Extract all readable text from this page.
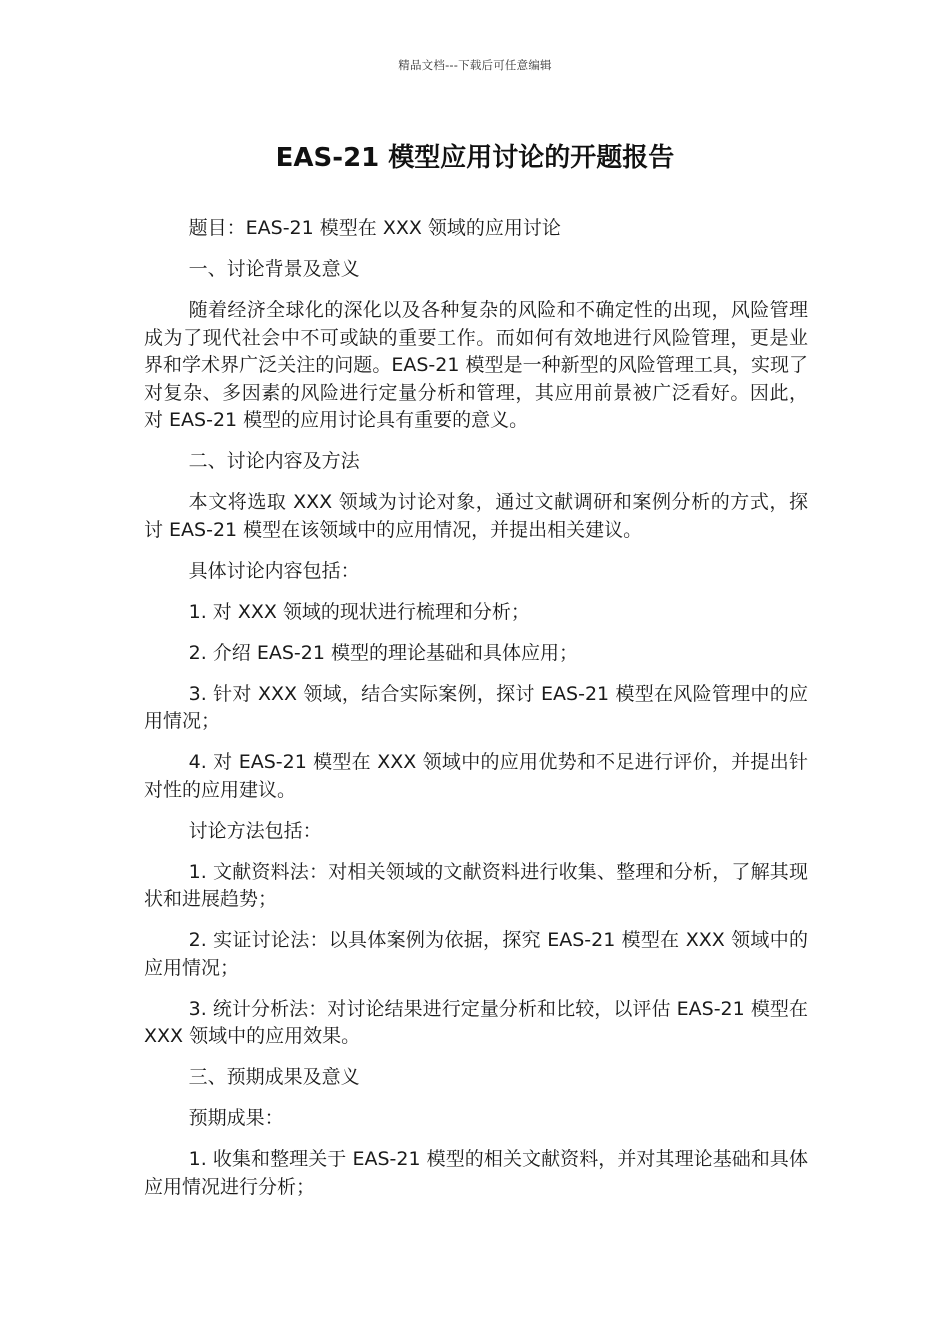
精品文档---下载后可任意编辑
EAS-21 模型应用讨论的开题报告

题目：EAS-21 模型在 XXX 领域的应用讨论

一、讨论背景及意义

随着经济全球化的深化以及各种复杂的风险和不确定性的出现，风险管理成为了现代社会中不可或缺的重要工作。而如何有效地进行风险管理，更是业界和学术界广泛关注的问题。EAS-21 模型是一种新型的风险管理工具，实现了对复杂、多因素的风险进行定量分析和管理，其应用前景被广泛看好。因此，对 EAS-21 模型的应用讨论具有重要的意义。

二、讨论内容及方法

本文将选取 XXX 领域为讨论对象，通过文献调研和案例分析的方式，探讨 EAS-21 模型在该领域中的应用情况，并提出相关建议。

具体讨论内容包括：

1. 对 XXX 领域的现状进行梳理和分析；

2. 介绍 EAS-21 模型的理论基础和具体应用；

3. 针对 XXX 领域，结合实际案例，探讨 EAS-21 模型在风险管理中的应用情况；

4. 对 EAS-21 模型在 XXX 领域中的应用优势和不足进行评价，并提出针对性的应用建议。

讨论方法包括：

1. 文献资料法：对相关领域的文献资料进行收集、整理和分析，了解其现状和进展趋势；

2. 实证讨论法：以具体案例为依据，探究 EAS-21 模型在 XXX 领域中的应用情况；

3. 统计分析法：对讨论结果进行定量分析和比较，以评估 EAS-21 模型在 XXX 领域中的应用效果。

三、预期成果及意义

预期成果：

1. 收集和整理关于 EAS-21 模型的相关文献资料，并对其理论基础和具体应用情况进行分析；
